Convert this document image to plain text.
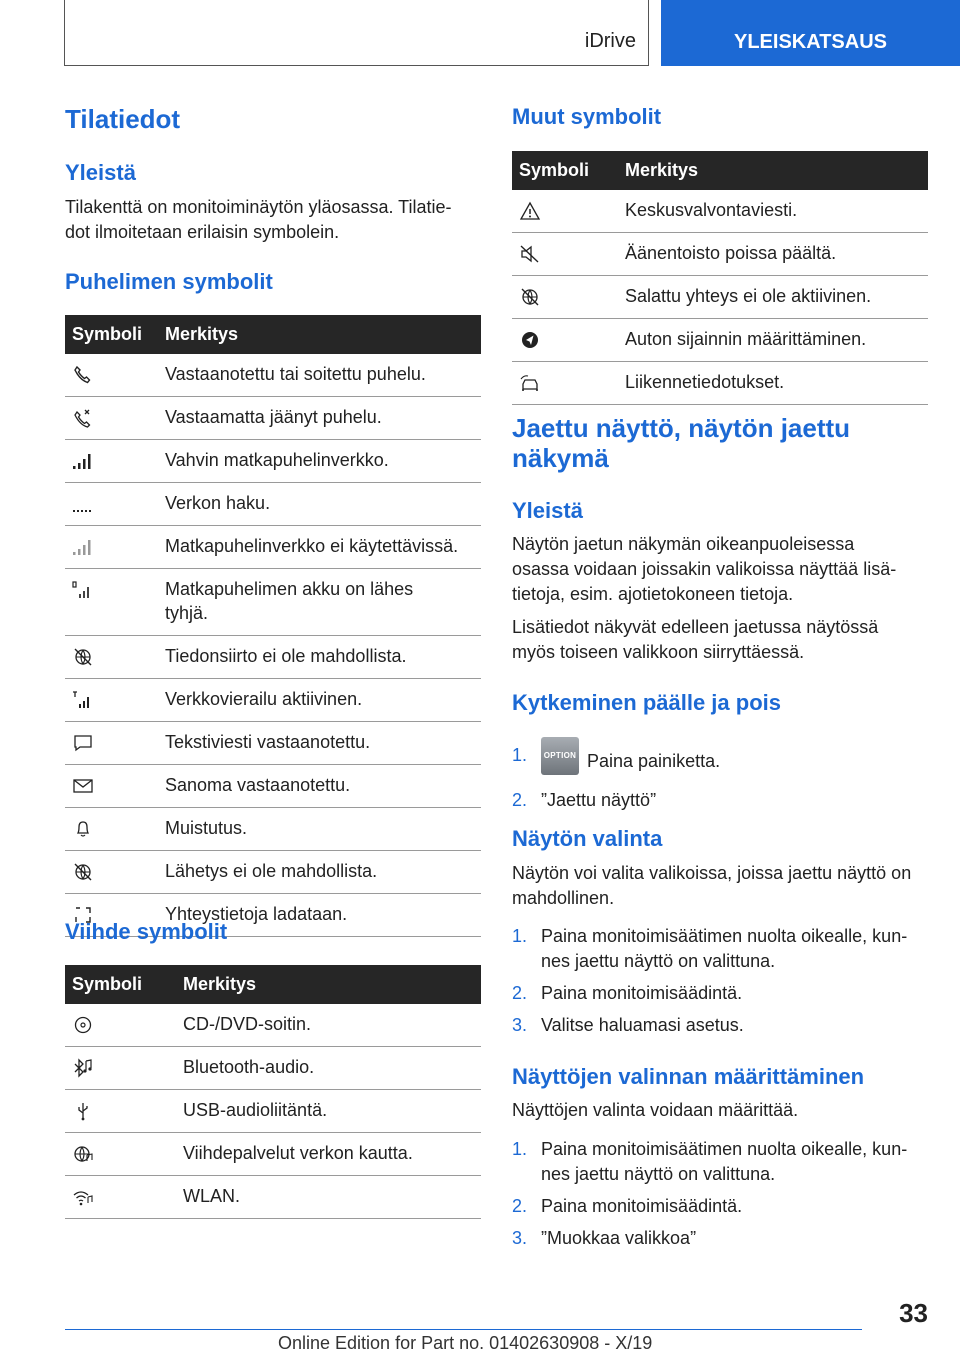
iDrive	YLEISKATSAUS
Tilatiedot
Yleistä
Tilakenttä on monitoiminäytön yläosassa. Tilatie-
dot ilmoitetaan erilaisin symbolein.
Puhelimen symbolit
Symboli	Merkitys

	Vastaanotettu tai soitettu puhelu.

	Vastaamatta jäänyt puhelu.

	Vahvin matkapuhelinverkko.

	Verkon haku.

	Matkapuhelinverkko ei käytettävissä.

	Matkapuhelimen akku on lähes
tyhjä.

	Tiedonsiirto ei ole mahdollista.

	Verkkovierailu aktiivinen.

	Tekstiviesti vastaanotettu.

	Sanoma vastaanotettu.

	Muistutus.

	Lähetys ei ole mahdollista.

	Yhteystietoja ladataan.
Viihde symbolit
Symboli	Merkitys

	CD-/DVD-soitin.

	Bluetooth-audio.

	USB-audioliitäntä.

	Viihdepalvelut verkon kautta.

	WLAN.
Muut symbolit
Symboli	Merkitys

	Keskusvalvontaviesti.

	Äänentoisto poissa päältä.

	Salattu yhteys ei ole aktiivinen.

	Auton sijainnin määrittäminen.

	Liikennetiedotukset.
Jaettu näyttö, näytön jaettu
näkymä
Yleistä
Näytön jaetun näkymän oikeanpuoleisessa
osassa voidaan joissakin valikoissa näyttää lisä-
tietoja, esim. ajotietokoneen tietoja.
Lisätiedot näkyvät edelleen jaetussa näytössä
myös toiseen valikkoon siirryttäessä.
Kytkeminen päälle ja pois
1. OPTION Paina painiketta.
2. ”Jaettu näyttö”
Näytön valinta
Näytön voi valita valikoissa, joissa jaettu näyttö on
mahdollinen.
1. Paina monitoimisäätimen nuolta oikealle, kun-
nes jaettu näyttö on valittuna.
2. Paina monitoimisäädintä.
3. Valitse haluamasi asetus.
Näyttöjen valinnan määrittäminen
Näyttöjen valinta voidaan määrittää.
1. Paina monitoimisäätimen nuolta oikealle, kun-
nes jaettu näyttö on valittuna.
2. Paina monitoimisäädintä.
3. ”Muokkaa valikkoa”
33
Online Edition for Part no. 01402630908 - X/19
